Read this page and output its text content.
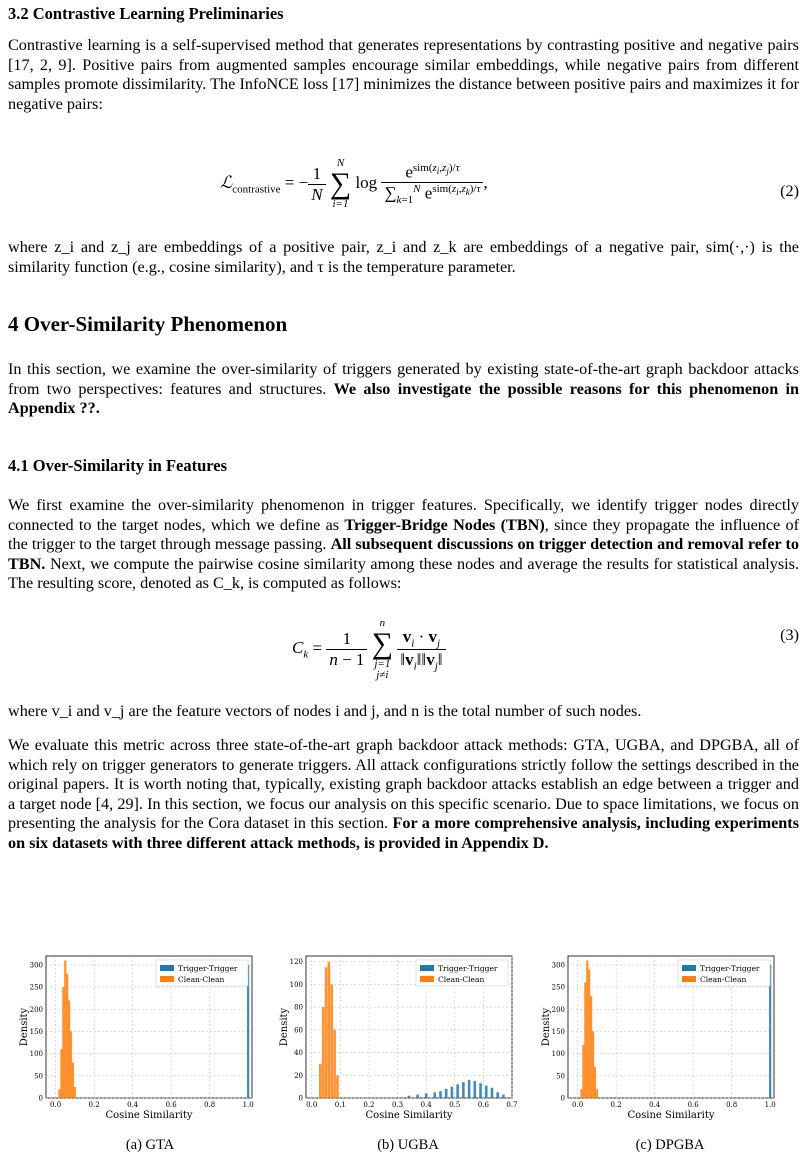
3.2 Contrastive Learning Preliminaries
Contrastive learning is a self-supervised method that generates representations by contrasting positive and negative pairs [17, 2, 9]. Positive pairs from augmented samples encourage similar embeddings, while negative pairs from different samples promote dissimilarity. The InfoNCE loss [17] minimizes the distance between positive pairs and maximizes it for negative pairs:
ℒ$_{contrastive}$ = − $\frac{1}{N}$

N
∑
i=1
$\log \frac{e^{sim(z_i,z_j)/\tau}}{\sum_{k=1}^N e^{sim(z_i,z_k)/\tau}}$ ,	(2)
where z_i and z_j are embeddings of a positive pair, z_i and z_k are embeddings of a negative pair, sim(·,·) is the similarity function (e.g., cosine similarity), and τ is the temperature parameter.
4 Over-Similarity Phenomenon
In this section, we examine the over-similarity of triggers generated by existing state-of-the-art graph backdoor attacks from two perspectives: features and structures. We also investigate the possible reasons for this phenomenon in Appendix ??.
4.1 Over-Similarity in Features
We first examine the over-similarity phenomenon in trigger features. Specifically, we identify trigger nodes directly connected to the target nodes, which we define as Trigger-Bridge Nodes (TBN), since they propagate the influence of the trigger to the target through message passing. All subsequent discussions on trigger detection and removal refer to TBN. Next, we compute the pairwise cosine similarity among these nodes and average the results for statistical analysis. The resulting score, denoted as C_k, is computed as follows:
$C_k = \frac{1}{n - 1}$

n
∑
j=1
j≠i

$\frac{v_i \cdot v_j}{‖v_i‖‖v_j‖}$	(3)
where v_i and v_j are the feature vectors of nodes i and j, and n is the total number of such nodes.
We evaluate this metric across three state-of-the-art graph backdoor attack methods: GTA, UGBA, and DPGBA, all of which rely on trigger generators to generate triggers. All attack configurations strictly follow the settings described in the original papers. It is worth noting that, typically, existing graph backdoor attacks establish an edge between a trigger and a target node [4, 29]. In this section, we focus our analysis on this specific scenario. Due to space limitations, we focus on presenting the analysis for the Cora dataset in this section. For a more comprehensive analysis, including experiments on six datasets with three different attack methods, is provided in Appendix D.
0.0	0.2	0.4	0.6	0.8	1.0
0
50
100
150
200
250
300
Cosine Similarity
Density
Trigger-Trigger
Clean-Clean
0.0 0.1 0.2 0.3 0.4 0.5 0.6 0.7
0
20
40
60
80
100
120
Cosine Similarity
Density
Trigger-Trigger
Clean-Clean
0.0	0.2	0.4	0.6	0.8	1.0
0
50
100
150
200
250
300
Cosine Similarity
Density
Trigger-Trigger
Clean-Clean
(a) GTA	(b) UGBA	(c) DPGBA
